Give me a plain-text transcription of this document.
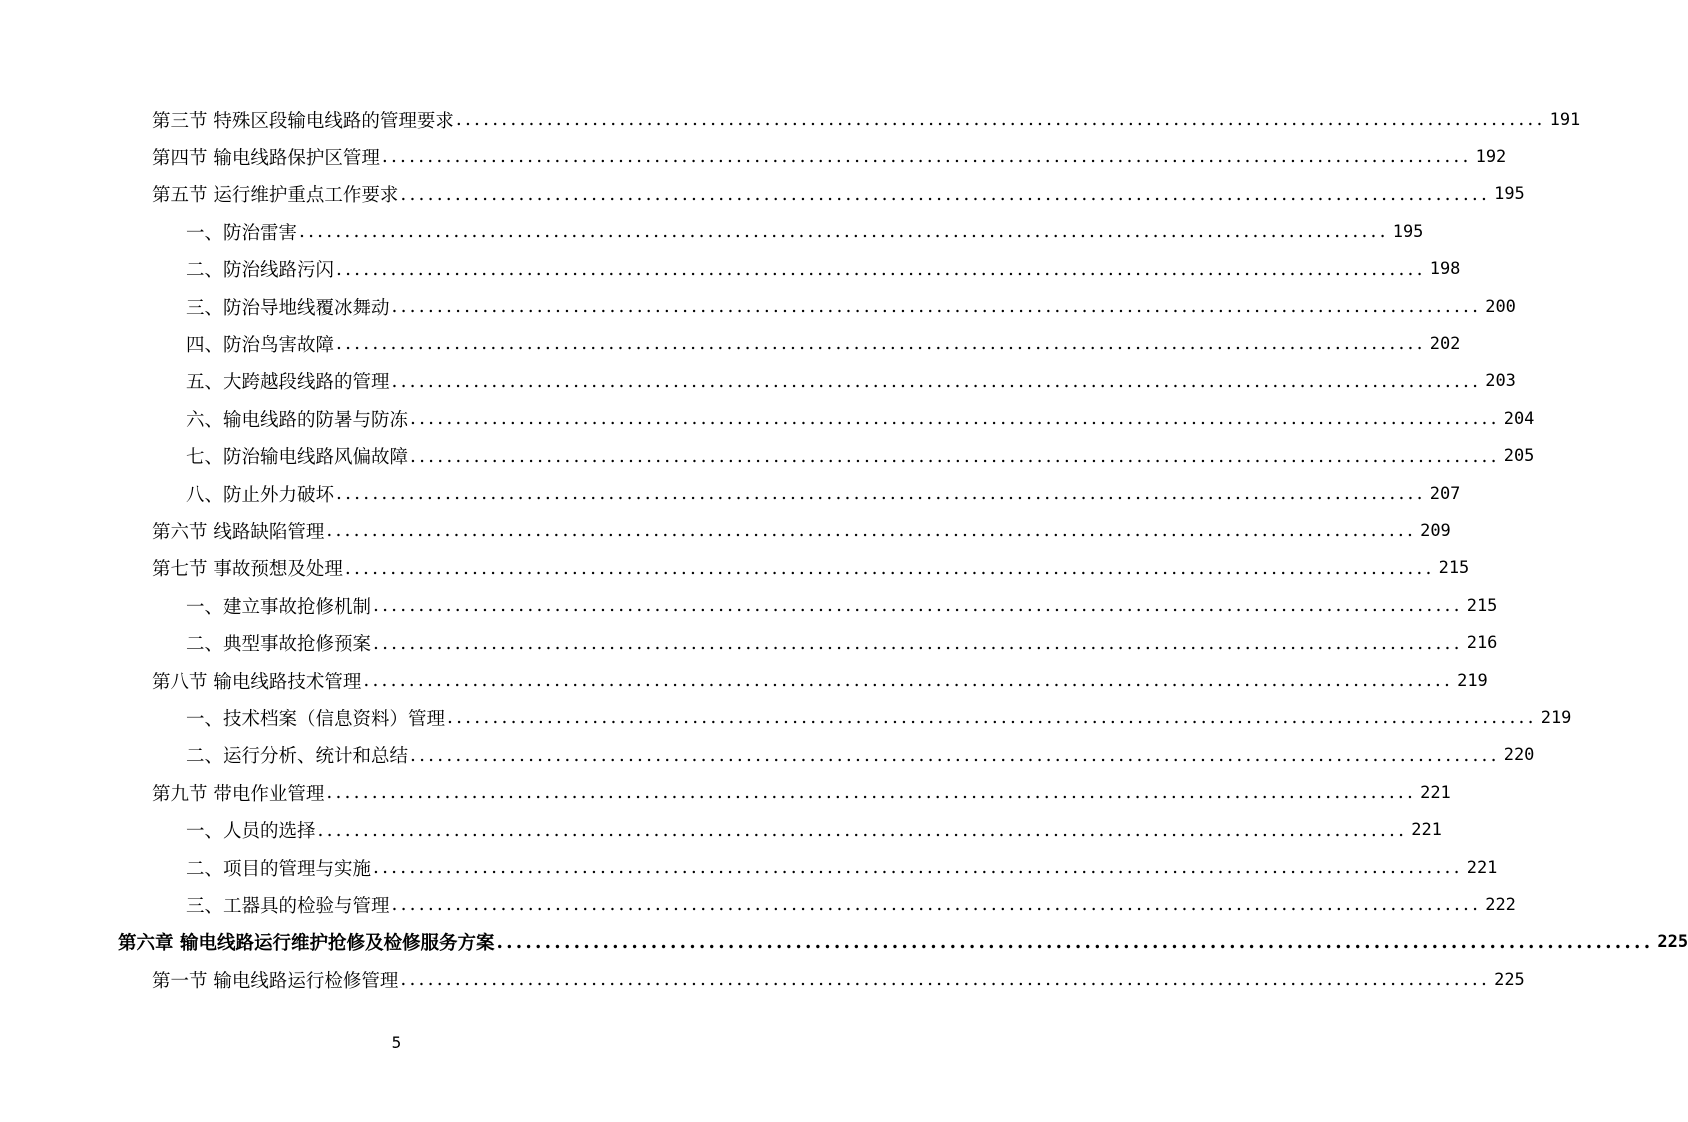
第三节 特殊区段输电线路的管理要求 ........................................................................................................................ 191
第四节 输电线路保护区管理 ........................................................................................................................ 192
第五节 运行维护重点工作要求 ........................................................................................................................ 195
一、防治雷害 ........................................................................................................................ 195
二、防治线路污闪 ........................................................................................................................ 198
三、防治导地线覆冰舞动 ........................................................................................................................ 200
四、防治鸟害故障 ........................................................................................................................ 202
五、大跨越段线路的管理 ........................................................................................................................ 203
六、输电线路的防暑与防冻 ........................................................................................................................ 204
七、防治输电线路风偏故障 ........................................................................................................................ 205
八、防止外力破坏 ........................................................................................................................ 207
第六节 线路缺陷管理 ........................................................................................................................ 209
第七节 事故预想及处理 ........................................................................................................................ 215
一、建立事故抢修机制 ........................................................................................................................ 215
二、典型事故抢修预案 ........................................................................................................................ 216
第八节 输电线路技术管理 ........................................................................................................................ 219
一、技术档案（信息资料）管理 ........................................................................................................................ 219
二、运行分析、统计和总结 ........................................................................................................................ 220
第九节 带电作业管理 ........................................................................................................................ 221
一、人员的选择 ........................................................................................................................ 221
二、项目的管理与实施 ........................................................................................................................ 221
三、工器具的检验与管理 ........................................................................................................................ 222
第六章 输电线路运行维护抢修及检修服务方案 ........................................................................................................................ 225
第一节 输电线路运行检修管理 ........................................................................................................................ 225
5
